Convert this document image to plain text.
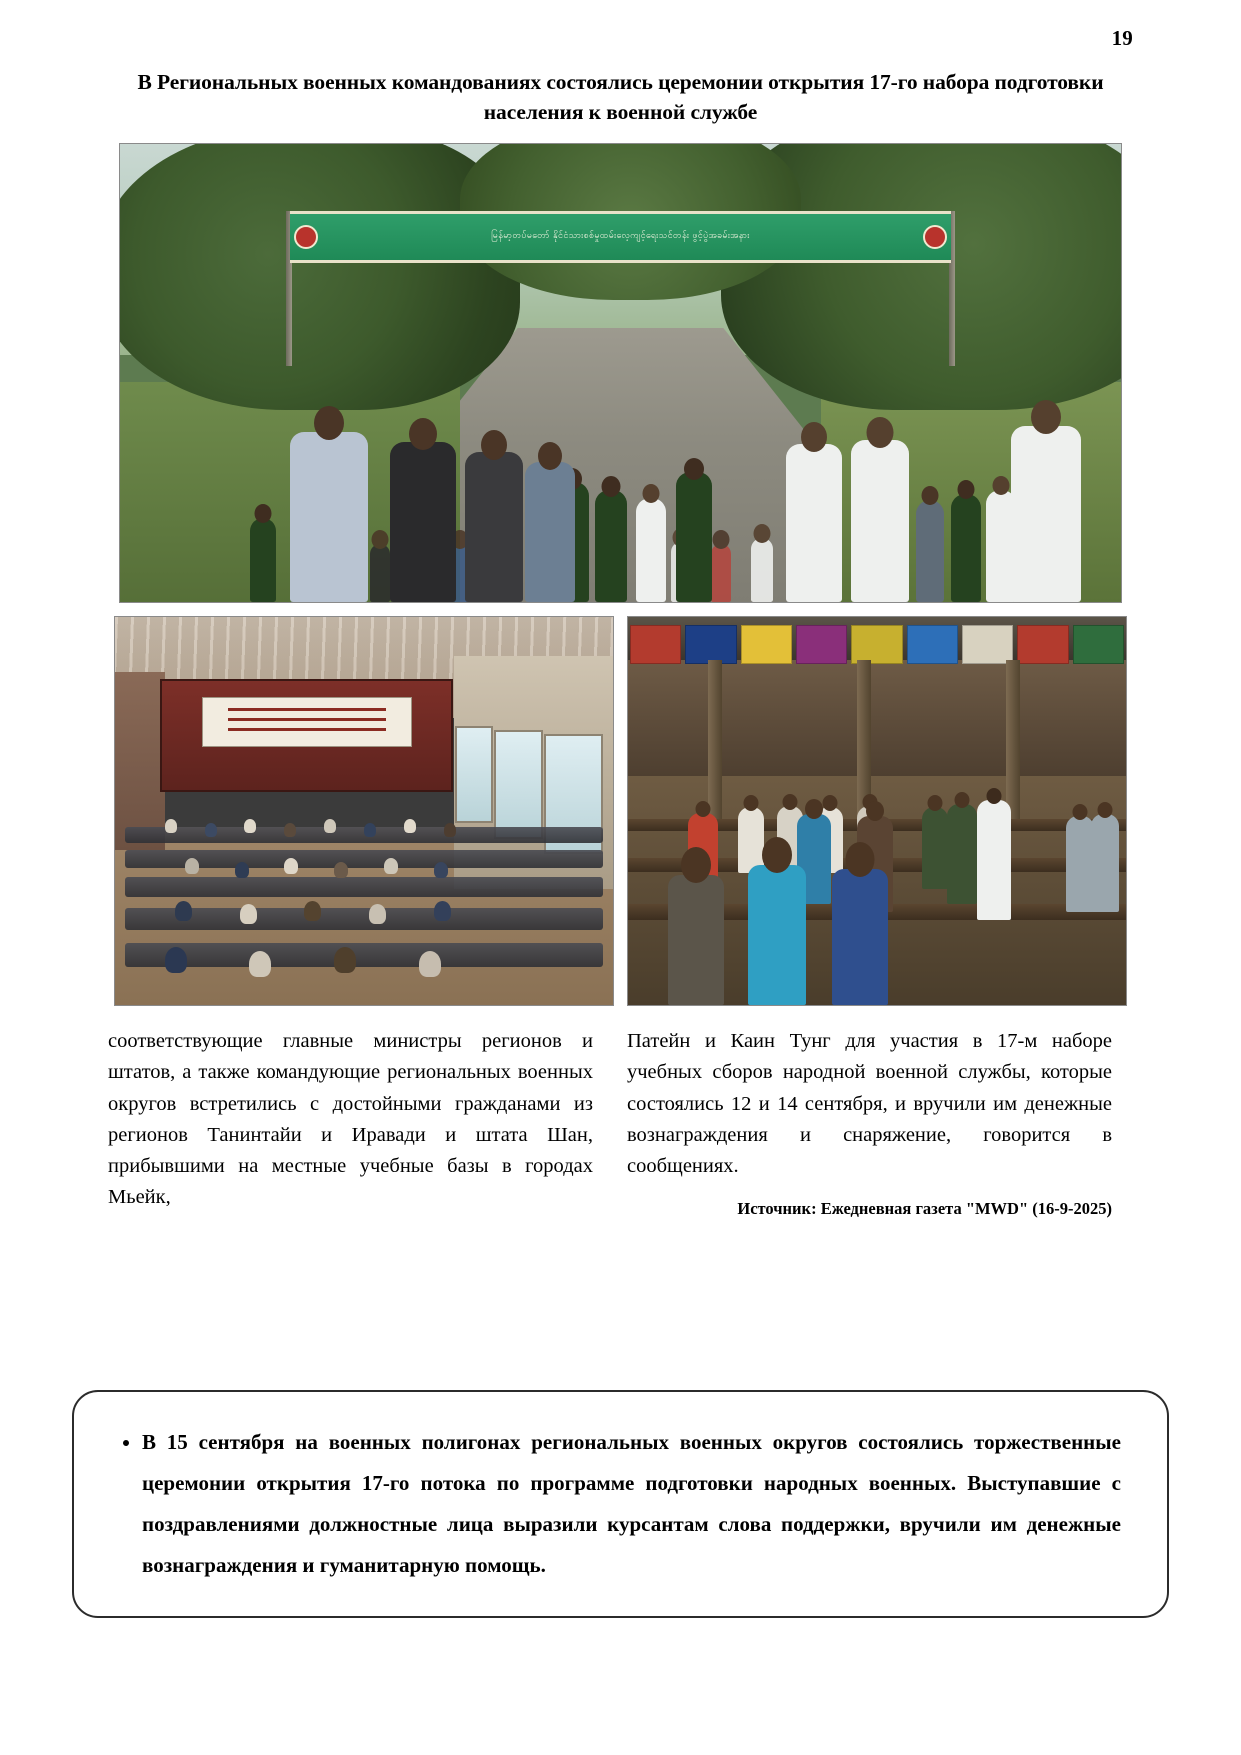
19
В Региональных военных командованиях состоялись церемонии открытия 17-го набора подготовки населения к военной службе
မြန်မာ့တပ်မတော် နိုင်ငံသားစစ်မှုထမ်းလေ့ကျင့်ရေးသင်တန်း ဖွင့်ပွဲအခမ်းအနား

соответствующие главные министры регионов и штатов, а также командующие региональных военных округов встретились с достойными гражданами из регионов Танинтайи и Иравади и штата Шан, прибывшими на местные учебные базы в городах Мьейк,

Патейн и Каин Тунг для участия в 17-м наборе учебных сборов народной военной службы, которые состоялись 12 и 14 сентября, и вручили им денежные вознаграждения и снаряжение, говорится в сообщениях.

Источник: Ежедневная газета "MWD" (16-9-2025)
• В 15 сентября на военных полигонах региональных военных округов состоялись торжественные церемонии открытия 17-го потока по программе подготовки народных военных. Выступавшие с поздравлениями должностные лица выразили курсантам слова поддержки, вручили им денежные вознаграждения и гуманитарную помощь.
